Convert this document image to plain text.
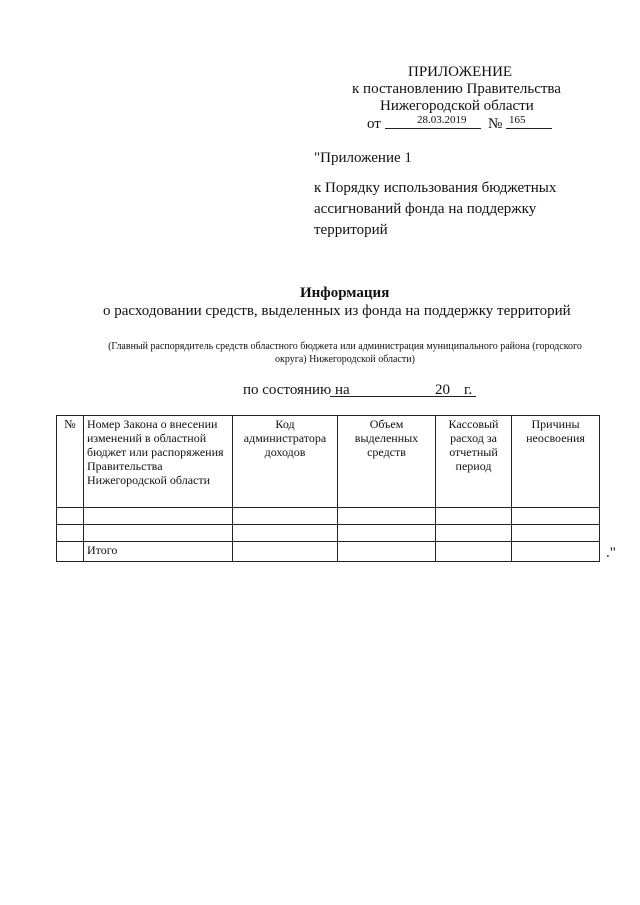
ПРИЛОЖЕНИЕ
к постановлению Правительства
Нижегородской области
от	28.03.2019 № 165
"Приложение 1
к Порядку использования бюджетных
ассигнований фонда на поддержку
территорий
Информация
о расходовании средств, выделенных из фонда на поддержку территорий
(Главный распорядитель средств областного бюджета или администрация муниципального района (городского
округа) Нижегородской области)
по состоянию на	20 г.
№	Номер Закона о внесении изменений в областной бюджет или распоряжения Правительства Нижегородской области	Код администратора доходов	Объем выделенных средств	Кассовый расход за отчетный период	Причины неосвоения

	Итого					."
